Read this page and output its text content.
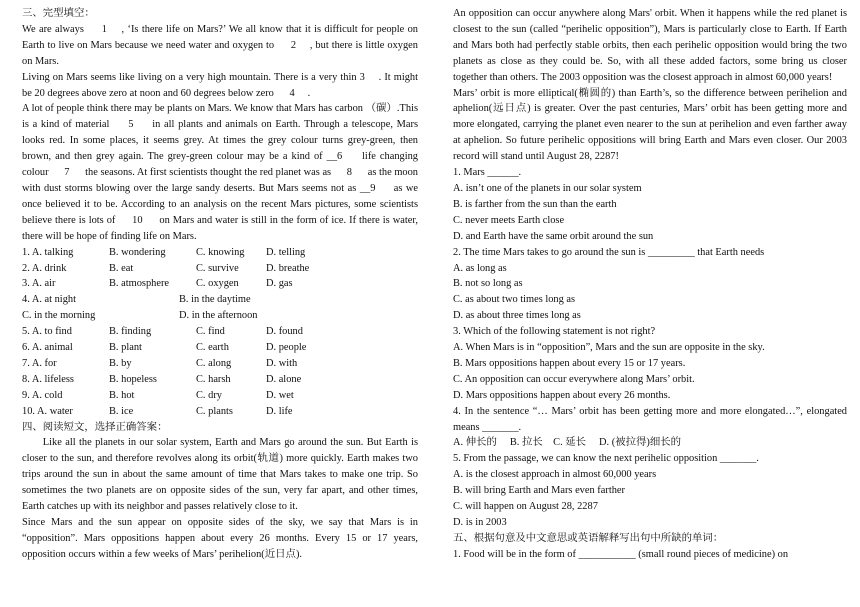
三、完型填空：

We are always 　 1 　, ‘Is there life on Mars?’ We all know that it is difficult for people on Earth to live on Mars because we need water and oxygen to 　 2 　, but there is little oxygen on Mars.

Living on Mars seems like living on a very high mountain. There is a very thin 3 　. It might be 20 degrees above zero at noon and 60 degrees below zero 　 4 　.

A lot of people think there may be plants on Mars. We know that Mars has carbon （碳）.This is a kind of material 　 5 　 in all plants and animals on Earth. Through a telescope, Mars looks red. In some places, it seems grey. At times the grey colour turns grey-green, then brown, and then grey again. The grey-green colour may be a kind of __6 　 life changing colour 　 7 　 the seasons. At first scientists thought the red planet was as 　 8 　 as the moon with dust storms blowing over the large sandy deserts. But Mars seems not as __9 　 as we once believed it to be. According to an analysis on the recent Mars pictures, some scientists believe there is lots of 　 10 　 on Mars and water is still in the form of ice. If there is water, there will be hope of finding life on Mars.

1. A. talking	B. wondering	C. knowing	D. telling
2. A. drink	B. eat	C. survive	D. breathe
3. A. air	B. atmosphere	C. oxygen	D. gas
4. A. at night	B. in the daytime
C. in the morning	D. in the afternoon
5. A. to find	B. finding	C. find	D. found
6. A. animal	B. plant	C. earth	D. people
7. A. for	B. by	C. along	D. with
8. A. lifeless	B. hopeless	C. harsh	D. alone
9. A. cold	B. hot	C. dry	D. wet
10. A. water	B. ice	C. plants	D. life

四、阅读短文，选择正确答案：

Like all the planets in our solar system, Earth and Mars go around the sun. But Earth is closer to the sun, and therefore revolves along its orbit(轨道) more quickly. Earth makes two trips around the sun in about the same amount of time that Mars takes to make one trip. So sometimes the two planets are on opposite sides of the sun, very far apart, and other times, Earth catches up with its neighbor and passes relatively close to it.

Since Mars and the sun appear on opposite sides of the sky, we say that Mars is in “opposition”. Mars oppositions happen about every 26 months. Every 15 or 17 years, opposition occurs within a few weeks of Mars’ perihelion(近日点).

An opposition can occur anywhere along Mars' orbit. When it happens while the red planet is closest to the sun (called “perihelic opposition”), Mars is particularly close to Earth. If Earth and Mars both had perfectly stable orbits, then each perihelic opposition would bring the two planets as close as they could be. So, with all these added factors, some bring us closer together than others. The 2003 opposition was the closest approach in almost 60,000 years!

Mars’ orbit is more elliptical(椭圆的) than Earth’s, so the difference between perihelion and aphelion(远日点) is greater. Over the past centuries, Mars’ orbit has been getting more and more elongated, carrying the planet even nearer to the sun at perihelion and even farther away at aphelion. So future perihelic oppositions will bring Earth and Mars even closer. Our 2003 record will stand until August 28, 2287!

1. Mars ______.

A. isn’t one of the planets in our solar system

B. is farther from the sun than the earth

C. never meets Earth close

D. and Earth have the same orbit around the sun

2. The time Mars takes to go around the sun is _________ that Earth needs

A. as long as

B. not so long as

C. as about two times long as

D. as about three times long as

3. Which of the following statement is not right?

A. When Mars is in “opposition”, Mars and the sun are opposite in the sky.

B. Mars oppositions happen about every 15 or 17 years.

C. An opposition can occur everywhere along Mars’ orbit.

D. Mars oppositions happen about every 26 months.

4. In the sentence “… Mars’ orbit has been getting more and more elongated…”, elongated means _______.

A. 伸长的　 B. 拉长　C. 延长　 D. (被拉得)细长的

5. From the passage, we can know the next perihelic opposition _______.

A. is the closest approach in almost 60,000 years

B. will bring Earth and Mars even farther

C. will happen on August 28, 2287

D. is in 2003

五、根据句意及中文意思或英语解释写出句中所缺的单词：

1. Food will be in the form of ___________ (small round pieces of medicine) on
